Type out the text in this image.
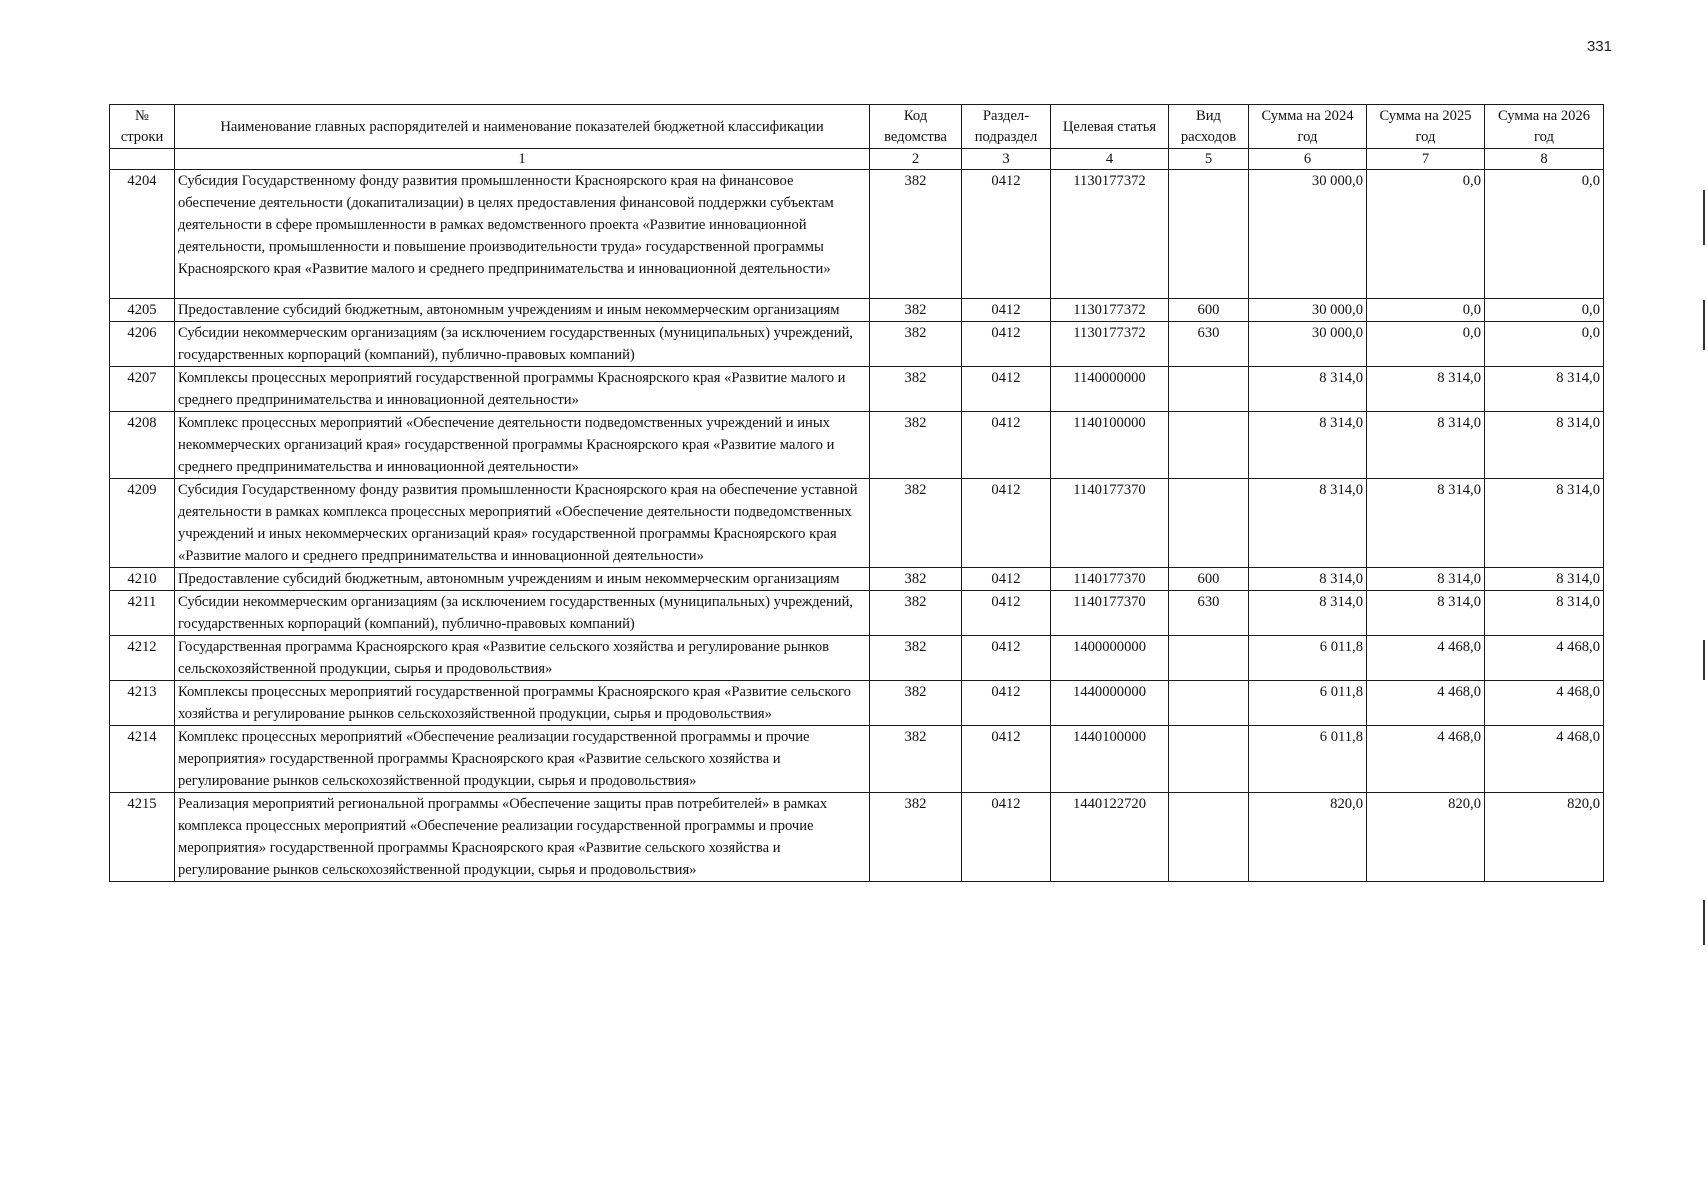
331
№ строки	Наименование главных распорядителей и наименование показателей бюджетной классификации	Код ведомства	Раздел-подраздел	Целевая статья	Вид расходов	Сумма на 2024 год	Сумма на 2025 год	Сумма на 2026 год
	1	2	3	4	5	6	7	8
4204	Субсидия Государственному фонду развития промышленности Красноярского края на финансовое обеспечение деятельности (докапитализации) в целях предоставления финансовой поддержки субъектам деятельности в сфере промышленности в рамках ведомственного проекта «Развитие инновационной деятельности, промышленности и повышение производительности труда» государственной программы Красноярского края «Развитие малого и среднего предпринимательства и инновационной деятельности»	382	0412	1130177372		30 000,0	0,0	0,0
4205	Предоставление субсидий бюджетным, автономным учреждениям и иным некоммерческим организациям	382	0412	1130177372	600	30 000,0	0,0	0,0
4206	Субсидии некоммерческим организациям (за исключением государственных (муниципальных) учреждений, государственных корпораций (компаний), публично-правовых компаний)	382	0412	1130177372	630	30 000,0	0,0	0,0
4207	Комплексы процессных мероприятий государственной программы Красноярского края «Развитие малого и среднего предпринимательства и инновационной деятельности»	382	0412	1140000000		8 314,0	8 314,0	8 314,0
4208	Комплекс процессных мероприятий «Обеспечение деятельности подведомственных учреждений и иных некоммерческих организаций края» государственной программы Красноярского края «Развитие малого и среднего предпринимательства и инновационной деятельности»	382	0412	1140100000		8 314,0	8 314,0	8 314,0
4209	Субсидия Государственному фонду развития промышленности Красноярского края на обеспечение уставной деятельности в рамках комплекса процессных мероприятий «Обеспечение деятельности подведомственных учреждений и иных некоммерческих организаций края» государственной программы Красноярского края «Развитие малого и среднего предпринимательства и инновационной деятельности»	382	0412	1140177370		8 314,0	8 314,0	8 314,0
4210	Предоставление субсидий бюджетным, автономным учреждениям и иным некоммерческим организациям	382	0412	1140177370	600	8 314,0	8 314,0	8 314,0
4211	Субсидии некоммерческим организациям (за исключением государственных (муниципальных) учреждений, государственных корпораций (компаний), публично-правовых компаний)	382	0412	1140177370	630	8 314,0	8 314,0	8 314,0
4212	Государственная программа Красноярского края «Развитие сельского хозяйства и регулирование рынков сельскохозяйственной продукции, сырья и продовольствия»	382	0412	1400000000		6 011,8	4 468,0	4 468,0
4213	Комплексы процессных мероприятий государственной программы Красноярского края «Развитие сельского хозяйства и регулирование рынков сельскохозяйственной продукции, сырья и продовольствия»	382	0412	1440000000		6 011,8	4 468,0	4 468,0
4214	Комплекс процессных мероприятий «Обеспечение реализации государственной программы и прочие мероприятия» государственной программы Красноярского края «Развитие сельского хозяйства и регулирование рынков сельскохозяйственной продукции, сырья и продовольствия»	382	0412	1440100000		6 011,8	4 468,0	4 468,0
4215	Реализация мероприятий региональной программы «Обеспечение защиты прав потребителей» в рамках комплекса процессных мероприятий «Обеспечение реализации государственной программы и прочие мероприятия» государственной программы Красноярского края «Развитие сельского хозяйства и регулирование рынков сельскохозяйственной продукции, сырья и продовольствия»	382	0412	1440122720		820,0	820,0	820,0
